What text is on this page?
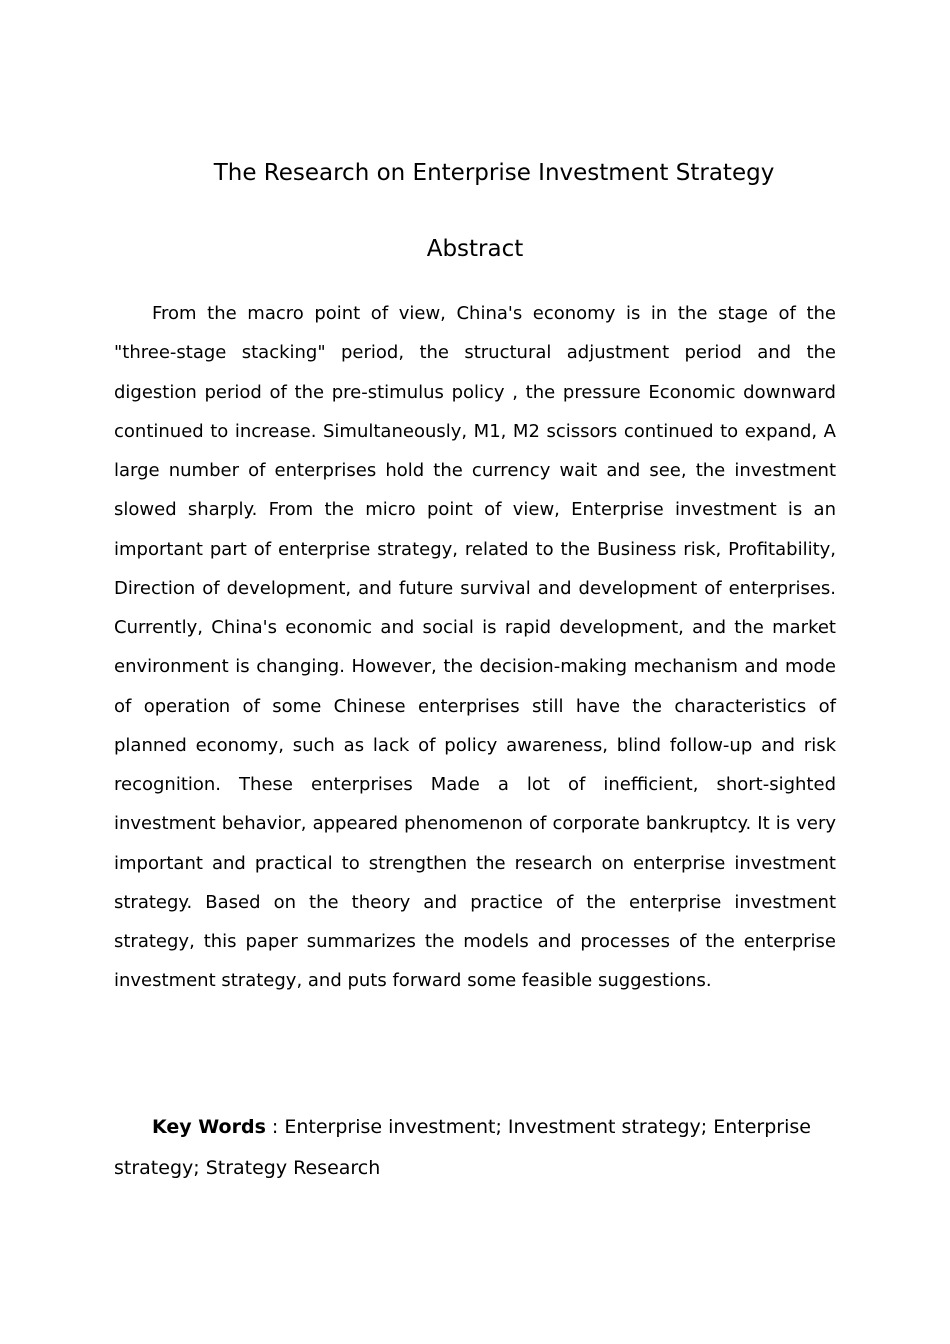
The Research on Enterprise Investment Strategy
Abstract

From the macro point of view, China's economy is in the stage of the "three-stage stacking" period, the structural adjustment period and the digestion period of the pre-stimulus policy , the pressure Economic downward continued to increase. Simultaneously, M1, M2 scissors continued to expand, A large number of enterprises hold the currency wait and see, the investment slowed sharply. From the micro point of view, Enterprise investment is an important part of enterprise strategy, related to the Business risk, Profitability, Direction of development, and future survival and development of enterprises. Currently, China's economic and social is rapid development, and the market environment is changing. However, the decision-making mechanism and mode of operation of some Chinese enterprises still have the characteristics of planned economy, such as lack of policy awareness, blind follow-up and risk recognition. These enterprises Made a lot of inefficient, short-sighted investment behavior, appeared phenomenon of corporate bankruptcy. It is very important and practical to strengthen the research on enterprise investment strategy. Based on the theory and practice of the enterprise investment strategy, this paper summarizes the models and processes of the enterprise investment strategy, and puts forward some feasible suggestions.

Key Words : Enterprise investment; Investment strategy; Enterprise strategy; Strategy Research
